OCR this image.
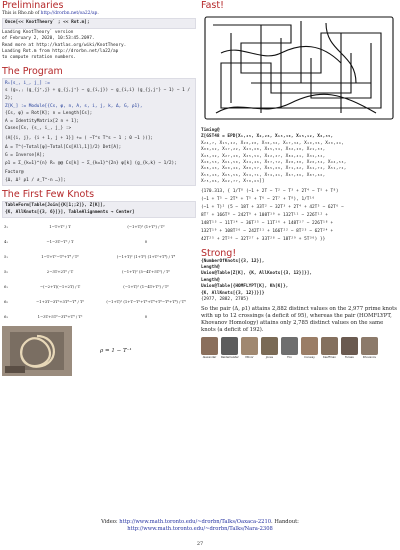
Preliminaries
This is Rho.nb of http://drorbn.net/oa22/ap.
Once[<< KnotTheory` ; << Rot.m];
Loading KnotTheory` version
of February 2, 2020, 10:53:45.2097.
Read more at http://katlas.org/wiki/KnotTheory.
Loading Rot.m from http://drorbn.net/la22/ap
to compute rotation numbers.
The Program
R₁[s_, i_, j_] :=
s (g₁,ⱼ (g_{j⁺,j} + g_{j,j⁺} − g_{i,j}) − g_{i,i} (g_{j,j⁺} − 1) − 1 / 2);
Z[K_] := Module[{Cs, φ, n, A, s, i, j, k, Δ, G, ρ1},
{Cs, φ} = Rot[K]; n = Length[Cs];
A = IdentityMatrix[2 n + 1];
Cases[Cs, {s_, i_, j_} :>
(A⟦{i, j}, {i + 1, j + 1}⟧ += ( −T^s T^s − 1 ; 0 −1 ))];
Δ = T^(−Total[φ]−Total[Cs⟦All,1⟧]/2) Det[A];
G = Inverse[A];
ρ1 = Σ_{k=1}^{n} R₁ @@ Cs⟦k⟧ − Σ_{k=1}^{2n} φ⟦k⟧ (g_{k,k} − 1/2);
Factor@
{Δ, Δ² ρ1 / ∂_T^-n …}];
The First Few Knots
TableForm[Table[Join[{K⟦1;;2⟧}, Z[K]],
{K, AllKnots[{3, 6}]}], TableAlignments → Center]
3₁	1−T+T² / T	(−1+T)² (1+T²) / T²
4₁	−1−3T−T² / T	0
5₁	1−T+T²−T³+T⁴ / T²	(−1+T)² (1+T²) (1+T²+T⁴) / T⁴
5₂	2−3T+2T² / T	(−1+T)² (5−4T+5T²) / T²
6₁	−(−2+T)(−1+2T) / T	(−1+T)² (1−4T+T²) / T²
6₂	−1+3T−3T²+3T³−T⁴ / T²	(−1+T)² (1+T−T²+T³+T⁴+T⁵−T⁶+T⁸) / T⁴
6₃	1−3T+5T²−3T³+T⁴ / T²	0
ρ = 1 − T⁻¹
Fast!
Timing@
Z[GST48 = EPD[X₁,₂₅, X₂,₂₆, X₁₃,₄₀, X₁₅,₁₂, X₆,₃₅,
X₂₄,₇, X₁₅,₂₂, X₂₀,₂₈, X₃₀,₃₂, X₁₇,₃₄, X₁₉,₃₆, X₂₀,₄₄,
X₈₀,₆₂, X₁₇,₂₂, X₄₃,₆₈, X₂₅,₅₄, X₃₂,₂₈, X₂₁,₃₃,
X₄₅,₃₂, X₂₇,₄₀, X₂₅,₅₄, X₂₂,₂₇, X₈₄,₄₁, X₃₁,₅₂,
X₄₀,₅₃, X₆₁,₅₀, X₂₄,₄₆, X₅₇,₇₂, X₂₈,₃₈, X₂₀,₅₄, X₄₄,₅₃,
X₆₈,₄₃, X₆₀,₄₄, X₈₀,₅₇, X₆₅,₆₉, X₇₁,₆₂, X₆₁,₇₂, X₅₁,₇₂,
X₅₃,₄₃, X₆₅,₅₆, X₅₄,₇₁, X₇₄,₄₁, X₆₇,₃₆, X₈₇,₆₆,
X₇₅,₈₆, X₆₂,₇₇, X₇₈,₆₃]]
{170.313, { 1/T⁸ (−1 + 2T − T² − T³ + 2T⁴ − T⁵ + T⁸)
(−1 + T⁵ − 2T⁴ + T⁵ + T⁶ − 2T⁷ + T⁸), 1/T¹⁶
(−1 + T)² (5 − 18T + 33T² − 32T³ + 2T⁴ + 42T⁵ − 62T⁶ −
8T⁷ + 166T⁸ − 242T⁹ + 108T¹⁰ + 132T¹¹ − 226T¹² +
148T¹³ − 11T¹⁴ − 36T¹⁵ − 11T¹⁶ + 148T¹⁷ − 226T¹⁸ +
132T¹⁹ + 108T²⁰ − 242T²¹ + 166T²² − 8T²³ − 62T²⁴ +
42T²⁵ + 2T²⁶ − 32T²⁷ + 33T²⁸ − 18T²⁹ + 5T³⁰) }}
Strong!
{NumberOfKnots[{3, 12}],
Length@
Union@Table[Z[K], {K, AllKnots[{3, 12}]}],
Length@
Union@Table[{HOMFLYPT[K], Kh[K]},
{K, AllKnots[{3, 12}]}]}
{2977, 2882, 2785}
So the pair (Δ, ρ1) attains 2,882 distinct values on the 2,977 prime knots with up to 12 crossings (a deficit of 95), whereas the pair (HOMFLYPT, Khovanov Homology) attains only 2,785 distinct values on the same knots (a deficit of 192).
Alexander	Reidemeister	Milnor	Jones	Fox	Conway	Kauffman	Turaev	Khovanov
Video: http://www.math.toronto.edu/~drorbn/Talks/Oaxaca-2210. Handout:
http://www.math.toronto.edu/~drorbn/Talks/Nara-2308
27
